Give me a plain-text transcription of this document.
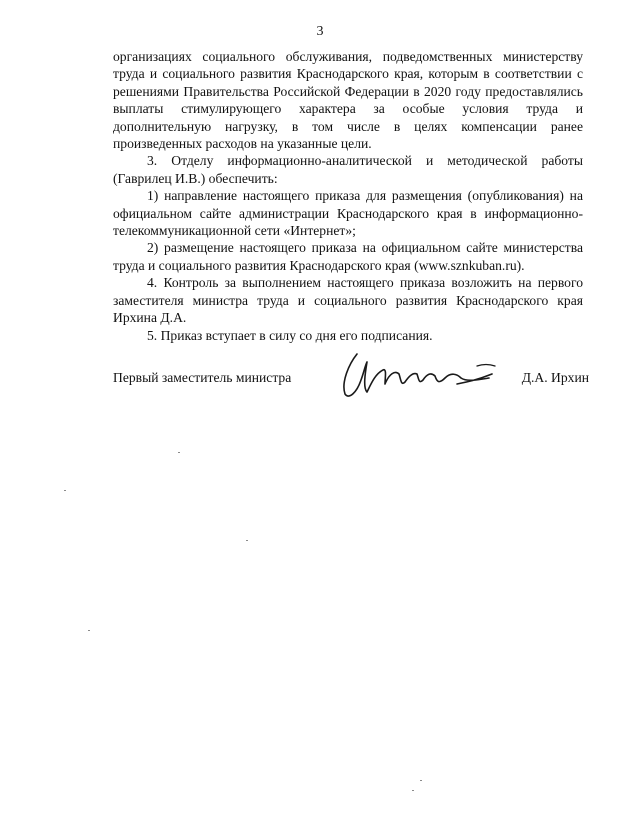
3

организациях социального обслуживания, подведомственных министерству труда и социального развития Краснодарского края, которым в соответствии с решениями Правительства Российской Федерации в 2020 году предоставлялись выплаты стимулирующего характера за особые условия труда и дополнительную нагрузку, в том числе в целях компенсации ранее произведенных расходов на указанные цели.

3. Отделу информационно-аналитической и методической работы (Гаврилец И.В.) обеспечить:

1) направление настоящего приказа для размещения (опубликования) на официальном сайте администрации Краснодарского края в информационно-телекоммуникационной сети «Интернет»;

2) размещение настоящего приказа на официальном сайте министерства труда и социального развития Краснодарского края (www.sznkuban.ru).

4. Контроль за выполнением настоящего приказа возложить на первого заместителя министра труда и социального развития Краснодарского края Ирхина Д.А.

5. Приказ вступает в силу со дня его подписания.

Первый заместитель министра	Д.А. Ирхин
